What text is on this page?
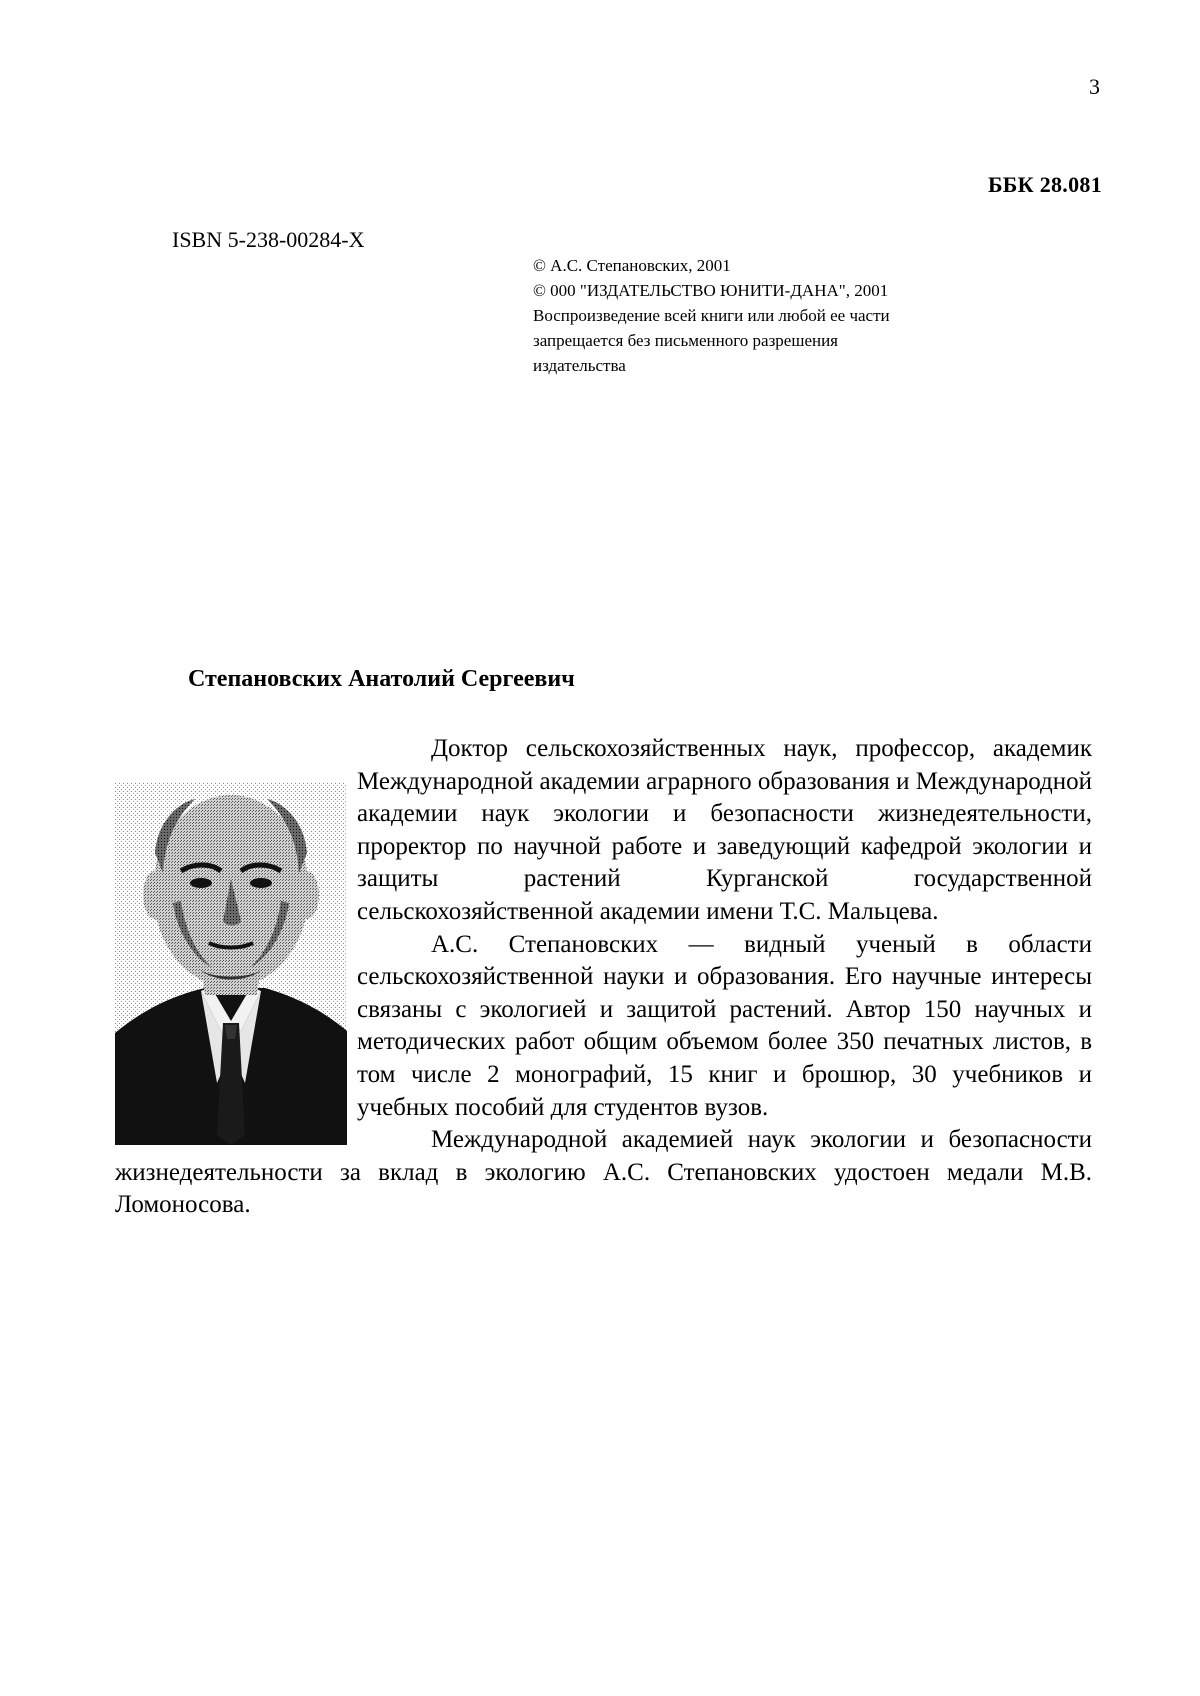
3
ББК 28.081
ISBN 5-238-00284-X
© А.С. Степановских, 2001
© 000 "ИЗДАТЕЛЬСТВО ЮНИТИ-ДАНА", 2001
Воспроизведение всей книги или любой ее части
запрещается без письменного разрешения
издательства
Степановских Анатолий Сергеевич

Доктор сельскохозяйственных наук, профессор, академик Международной академии аграрного образования и Международной академии наук экологии и безопасности жизнедеятельности, проректор по научной работе и заведующий кафедрой экологии и защиты растений Курганской государственной сельскохозяйственной академии имени Т.С. Мальцева.

А.С. Степановских — видный ученый в области сельскохозяйственной науки и образования. Его научные интересы связаны с экологией и защитой растений. Автор 150 научных и методических работ общим объемом более 350 печатных листов, в том числе 2 монографий, 15 книг и брошюр, 30 учебников и учебных пособий для студентов вузов.

Международной академией наук экологии и безопасности жизнедеятельности за вклад в экологию А.С. Степановских удостоен медали М.В. Ломоносова.
